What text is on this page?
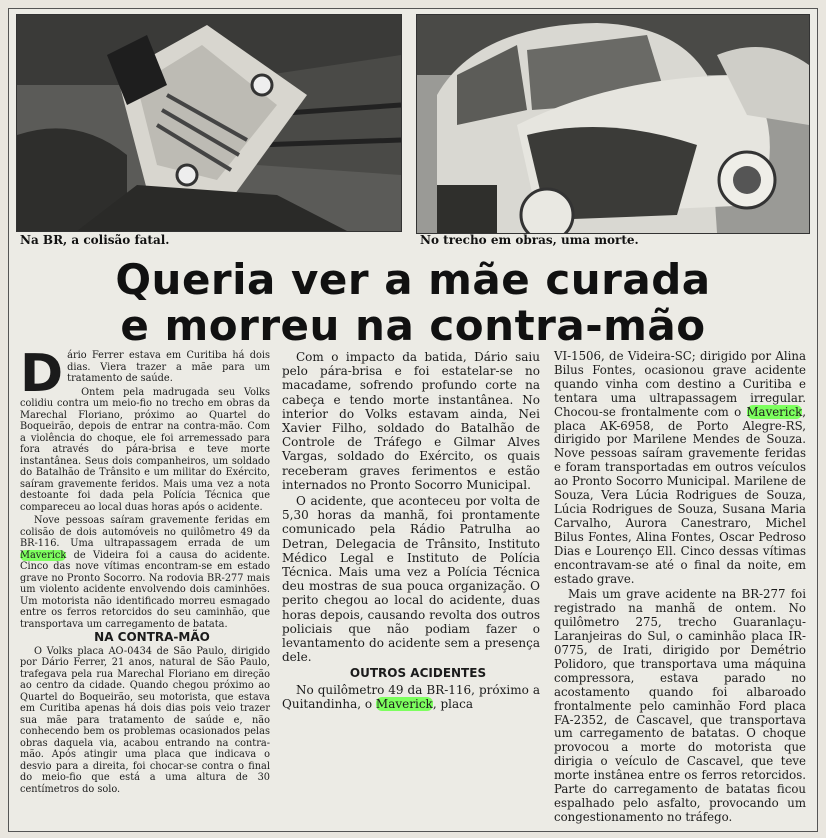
Na BR, a colisão fatal.	No trecho em obras, uma morte.
Queria ver a mãe curada
e morreu na contra-mão

Dário Ferrer estava em Curitiba há dois dias. Viera trazer a mãe para um tratamento de saúde.

Ontem pela madrugada seu Volks colidiu contra um meio-fio no trecho em obras da Marechal Floriano, próximo ao Quartel do Boqueirão, depois de entrar na contra-mão. Com a violência do choque, ele foi arremessado para fora através do pára-brisa e teve morte instantânea. Seus dois companheiros, um soldado do Batalhão de Trânsito e um militar do Exército, saíram gravemente feridos. Mais uma vez a nota destoante foi dada pela Polícia Técnica que compareceu ao local duas horas após o acidente.

Nove pessoas saíram gravemente feridas em colisão de dois automóveis no quilômetro 49 da BR-116. Uma ultrapassagem errada de um Maverick de Videira foi a causa do acidente. Cinco das nove vítimas encontram-se em estado grave no Pronto Socorro. Na rodovia BR-277 mais um violento acidente envolvendo dois caminhões. Um motorista não identificado morreu esmagado entre os ferros retorcidos do seu caminhão, que transportava um carregamento de batata.

NA CONTRA-MÃO

O Volks placa AO-0434 de São Paulo, dirigido por Dário Ferrer, 21 anos, natural de São Paulo, trafegava pela rua Marechal Floriano em direção ao centro da cidade. Quando chegou próximo ao Quartel do Boqueirão, seu motorista, que estava em Curitiba apenas há dois dias pois veio trazer sua mãe para tratamento de saúde e, não conhecendo bem os problemas ocasionados pelas obras daquela via, acabou entrando na contra-mão. Após atingir uma placa que indicava o desvio para a direita, foi chocar-se contra o final do meio-fio que está a uma altura de 30 centímetros do solo.

Com o impacto da batida, Dário saiu pelo pára-brisa e foi estatelar-se no macadame, sofrendo profundo corte na cabeça e tendo morte instantânea. No interior do Volks estavam ainda, Nei Xavier Filho, soldado do Batalhão de Controle de Tráfego e Gilmar Alves Vargas, soldado do Exército, os quais receberam graves ferimentos e estão internados no Pronto Socorro Municipal.

O acidente, que aconteceu por volta de 5,30 horas da manhã, foi prontamente comunicado pela Rádio Patrulha ao Detran, Delegacia de Trânsito, Instituto Médico Legal e Instituto de Polícia Técnica. Mais uma vez a Polícia Técnica deu mostras de sua pouca organização. O perito chegou ao local do acidente, duas horas depois, causando revolta dos outros policiais que não podiam fazer o levantamento do acidente sem a presença dele.

OUTROS ACIDENTES

No quilômetro 49 da BR-116, próximo a Quitandinha, o Maverick, placa

VI-1506, de Videira-SC; dirigido por Alina Bilus Fontes, ocasionou grave acidente quando vinha com destino a Curitiba e tentara uma ultrapassagem irregular. Chocou-se frontalmente com o Maverick, placa AK-6958, de Porto Alegre-RS, dirigido por Marilene Mendes de Souza. Nove pessoas saíram gravemente feridas e foram transportadas em outros veículos ao Pronto Socorro Municipal. Marilene de Souza, Vera Lúcia Rodrigues de Souza, Lúcia Rodrigues de Souza, Susana Maria Carvalho, Aurora Canestraro, Michel Bilus Fontes, Alina Fontes, Oscar Pedroso Dias e Lourenço Ell. Cinco dessas vítimas encontravam-se até o final da noite, em estado grave.

Mais um grave acidente na BR-277 foi registrado na manhã de ontem. No quilômetro 275, trecho Guaranlaçu-Laranjeiras do Sul, o caminhão placa IR-0775, de Irati, dirigido por Demétrio Polidoro, que transportava uma máquina compressora, estava parado no acostamento quando foi albaroado frontalmente pelo caminhão Ford placa FA-2352, de Cascavel, que transportava um carregamento de batatas. O choque provocou a morte do motorista que dirigia o veículo de Cascavel, que teve morte instânea entre os ferros retorcidos. Parte do carregamento de batatas ficou espalhado pelo asfalto, provocando um congestionamento no tráfego.
